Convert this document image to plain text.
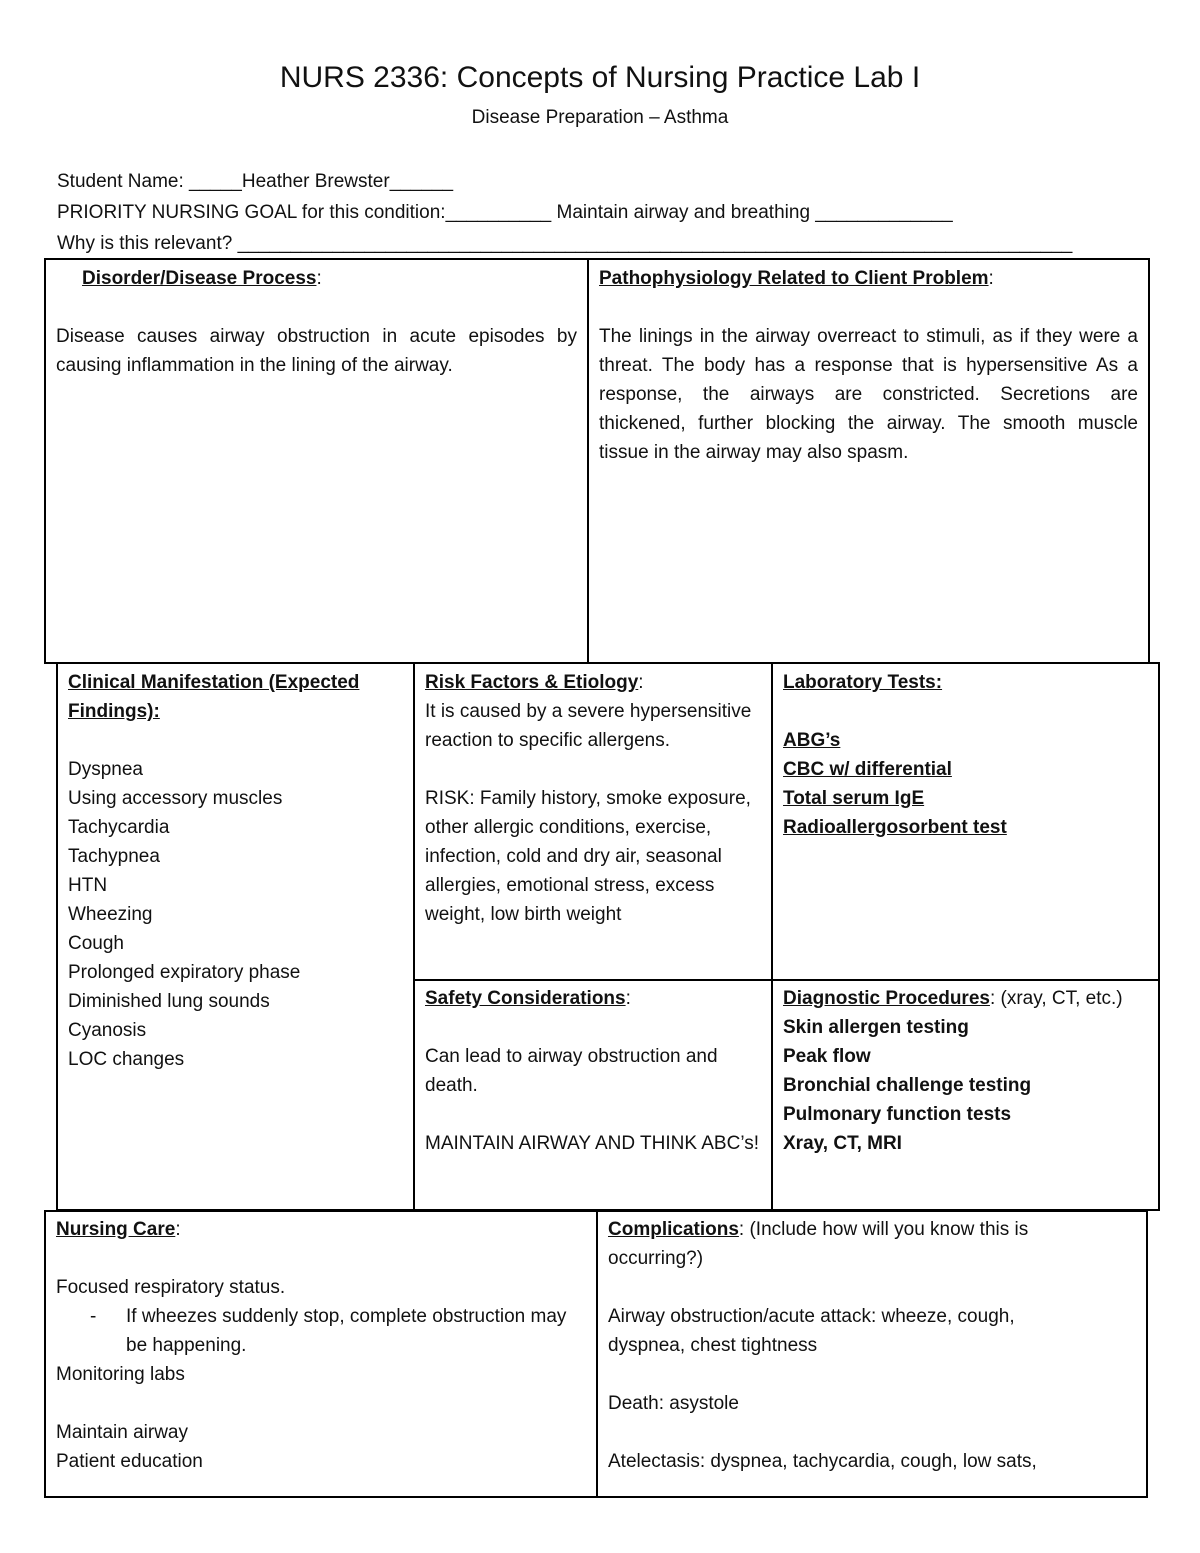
NURS 2336: Concepts of Nursing Practice Lab I
Disease Preparation – Asthma
Student Name: _____Heather Brewster______
PRIORITY NURSING GOAL for this condition:__________ Maintain airway and breathing _____________
Why is this relevant? _______________________________________________________________________________
Disorder/Disease Process:

Disease causes airway obstruction in acute episodes by causing inflammation in the lining of the airway.

Pathophysiology Related to Client Problem:

The linings in the airway overreact to stimuli, as if they were a threat. The body has a response that is hypersensitive As a response, the airways are constricted. Secretions are thickened, further blocking the airway. The smooth muscle tissue in the airway may also spasm.

Clinical Manifestation (Expected Findings):
Dyspnea
Using accessory muscles
Tachycardia
Tachypnea
HTN
Wheezing
Cough
Prolonged expiratory phase
Diminished lung sounds
Cyanosis
LOC changes
Risk Factors & Etiology:

It is caused by a severe hypersensitive reaction to specific allergens.

RISK: Family history, smoke exposure, other allergic conditions, exercise, infection, cold and dry air, seasonal allergies, emotional stress, excess weight, low birth weight

Laboratory Tests:
ABG’s
CBC w/ differential
Total serum IgE
Radioallergosorbent test
Safety Considerations:

Can lead to airway obstruction and death.

MAINTAIN AIRWAY AND THINK ABC’s!

Diagnostic Procedures: (xray, CT, etc.)
Skin allergen testing
Peak flow
Bronchial challenge testing
Pulmonary function tests
Xray, CT, MRI
Nursing Care:
Focused respiratory status.
- If wheezes suddenly stop, complete obstruction may be happening.
Monitoring labs
Maintain airway
Patient education
Complications: (Include how will you know this is occurring?)

Airway obstruction/acute attack: wheeze, cough, dyspnea, chest tightness

Death: asystole

Atelectasis: dyspnea, tachycardia, cough, low sats,
